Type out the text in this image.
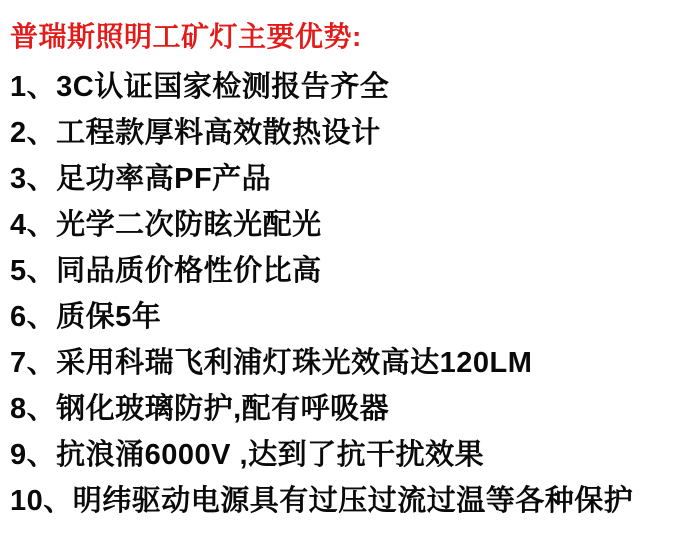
普瑞斯照明工矿灯主要优势:
1、3C认证国家检测报告齐全
2、工程款厚料高效散热设计
3、足功率高PF产品
4、光学二次防眩光配光
5、同品质价格性价比高
6、质保5年
7、采用科瑞飞利浦灯珠光效高达120LM
8、钢化玻璃防护,配有呼吸器
9、抗浪涌6000V ,达到了抗干扰效果
10、明纬驱动电源具有过压过流过温等各种保护
